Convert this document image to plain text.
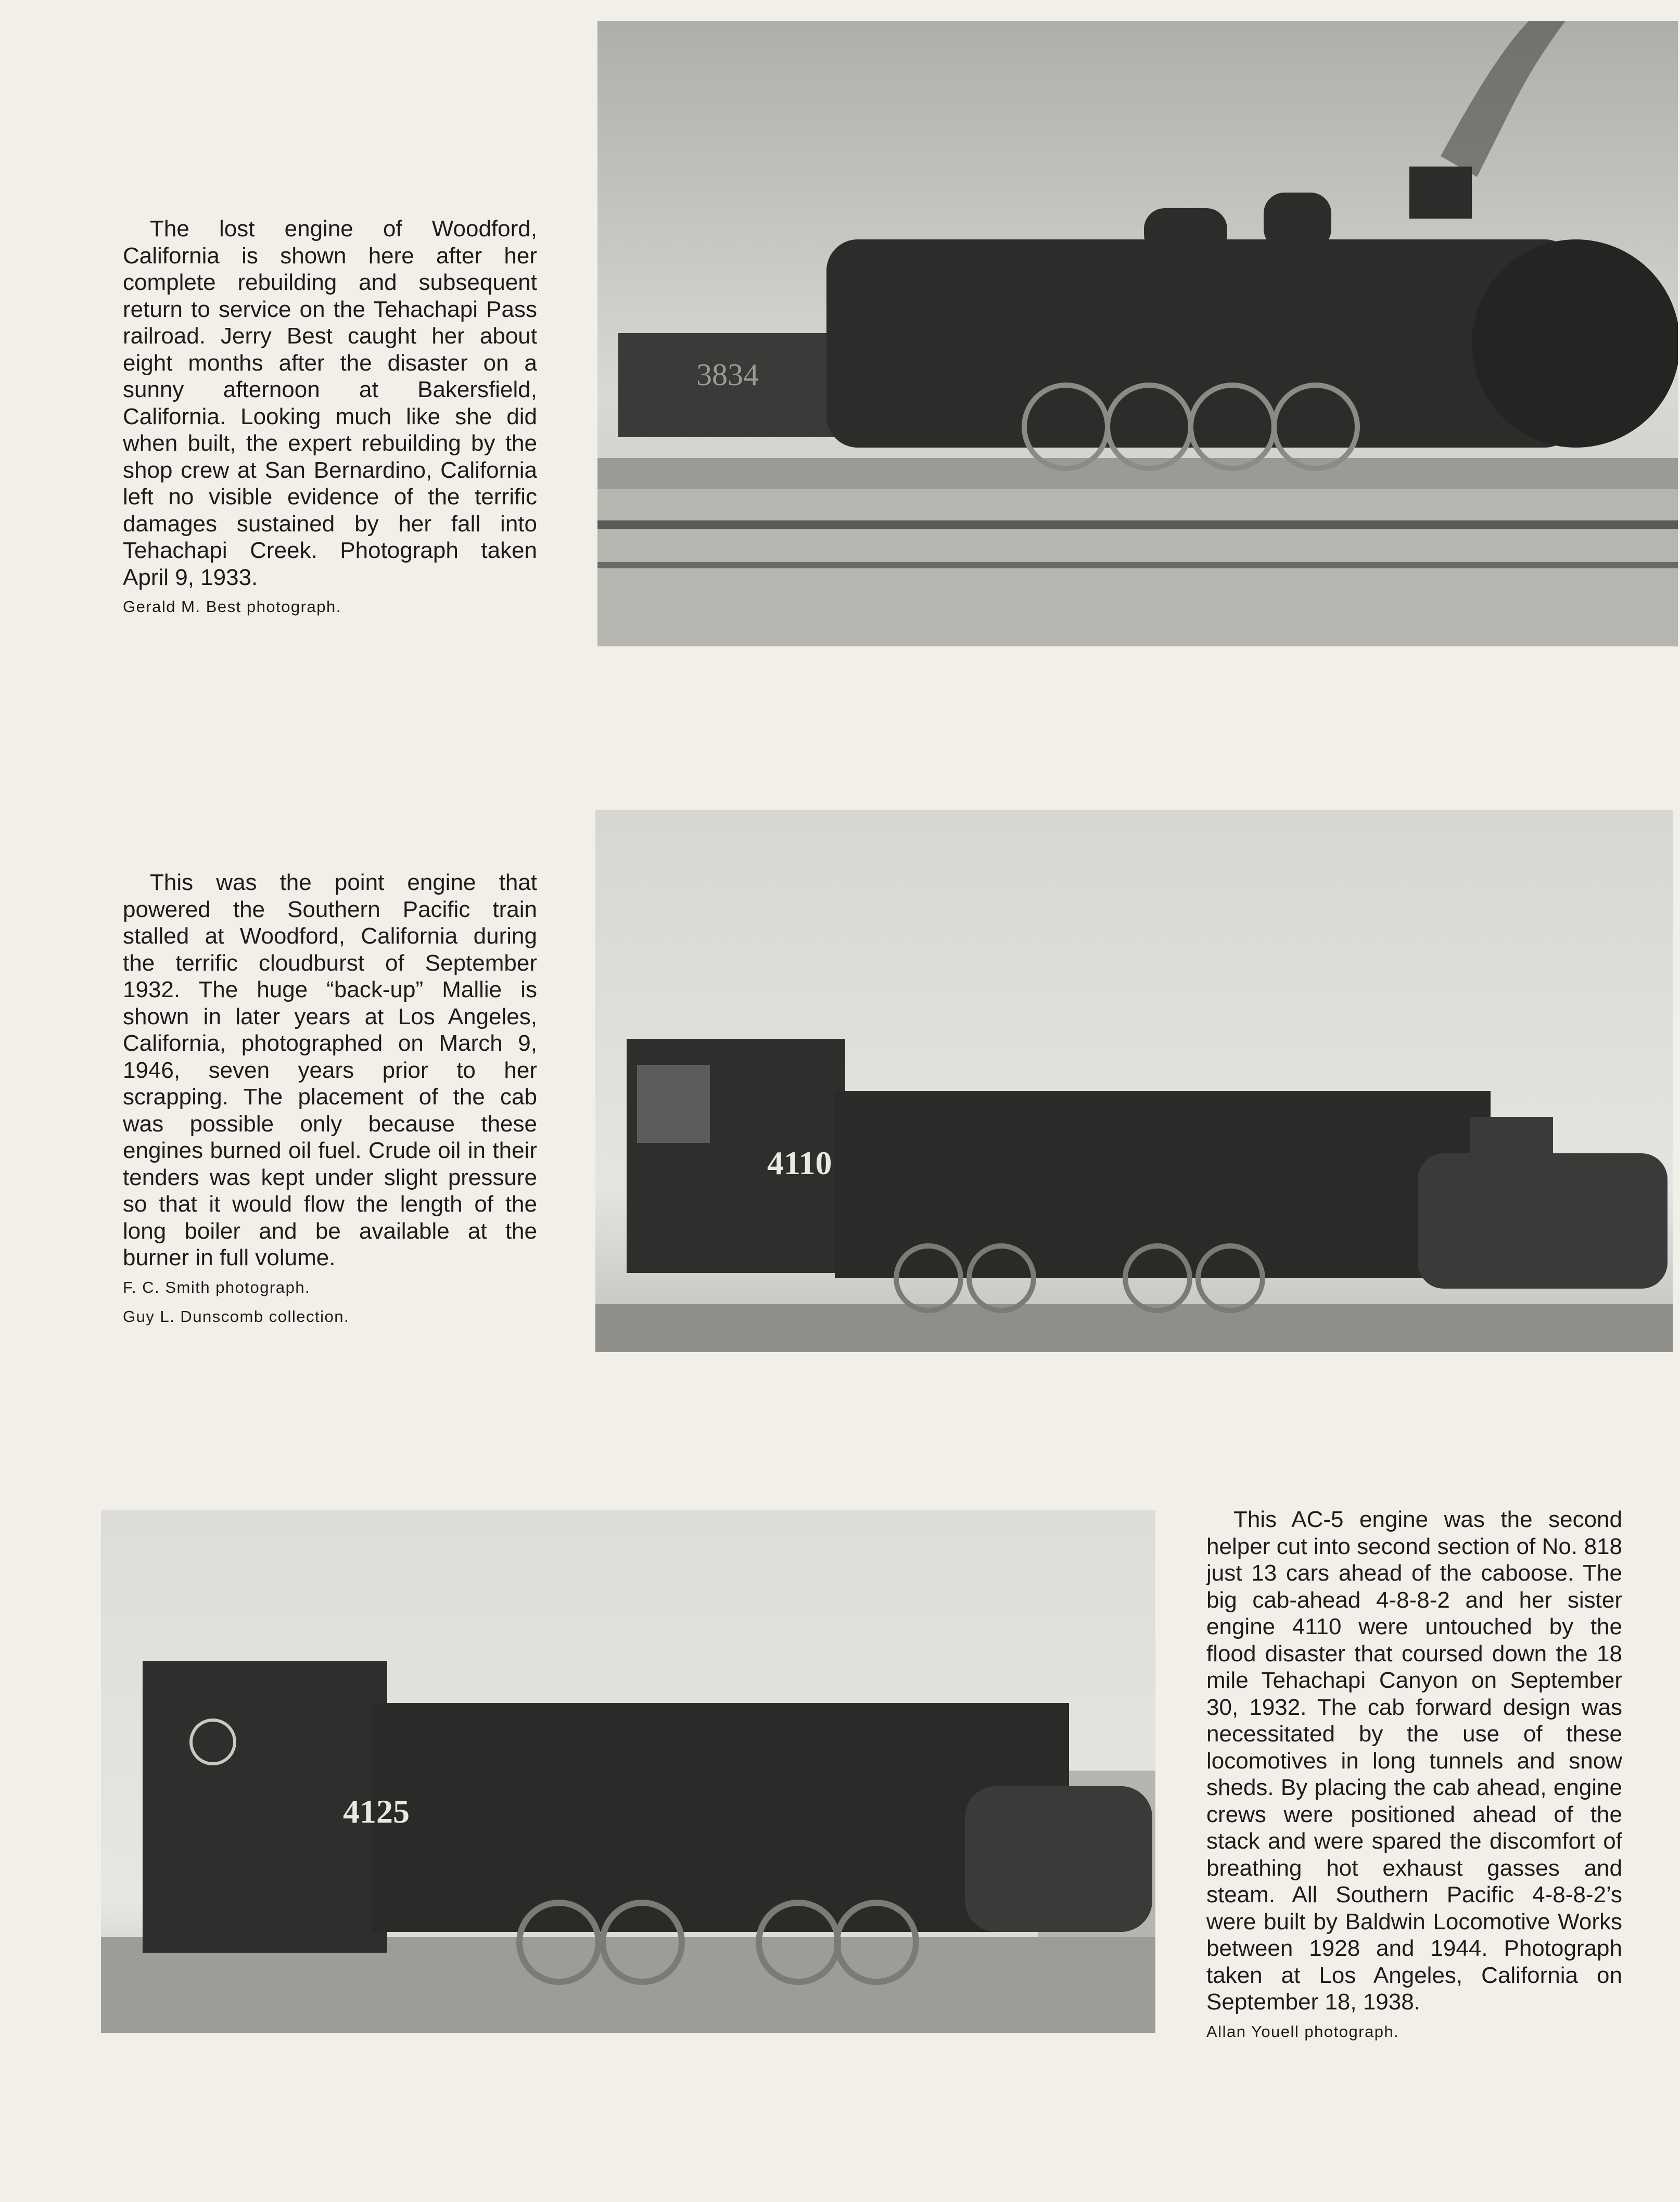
The lost engine of Woodford, California is shown here after her complete rebuilding and subsequent return to service on the Tehachapi Pass railroad. Jerry Best caught her about eight months after the disaster on a sunny afternoon at Bakersfield, California. Looking much like she did when built, the expert rebuilding by the shop crew at San Bernardino, California left no visible evidence of the terrific damages sustained by her fall into Tehachapi Creek. Photograph taken April 9, 1933.

Gerald M. Best photograph.
3834

This was the point engine that powered the Southern Pacific train stalled at Woodford, California during the terrific cloudburst of September 1932. The huge “back-up” Mallie is shown in later years at Los Angeles, California, photographed on March 9, 1946, seven years prior to her scrapping. The placement of the cab was possible only because these engines burned oil fuel. Crude oil in their tenders was kept under slight pressure so that it would flow the length of the long boiler and be available at the burner in full volume.

F. C. Smith photograph.
Guy L. Dunscomb collection.
4110
4125

This AC-5 engine was the second helper cut into second section of No. 818 just 13 cars ahead of the caboose. The big cab-ahead 4-8-8-2 and her sister engine 4110 were untouched by the flood disaster that coursed down the 18 mile Tehachapi Canyon on September 30, 1932. The cab forward design was necessitated by the use of these locomotives in long tunnels and snow sheds. By placing the cab ahead, engine crews were positioned ahead of the stack and were spared the discomfort of breathing hot exhaust gasses and steam. All Southern Pacific 4-8-8-2’s were built by Baldwin Locomotive Works between 1928 and 1944. Photograph taken at Los Angeles, California on September 18, 1938.

Allan Youell photograph.
